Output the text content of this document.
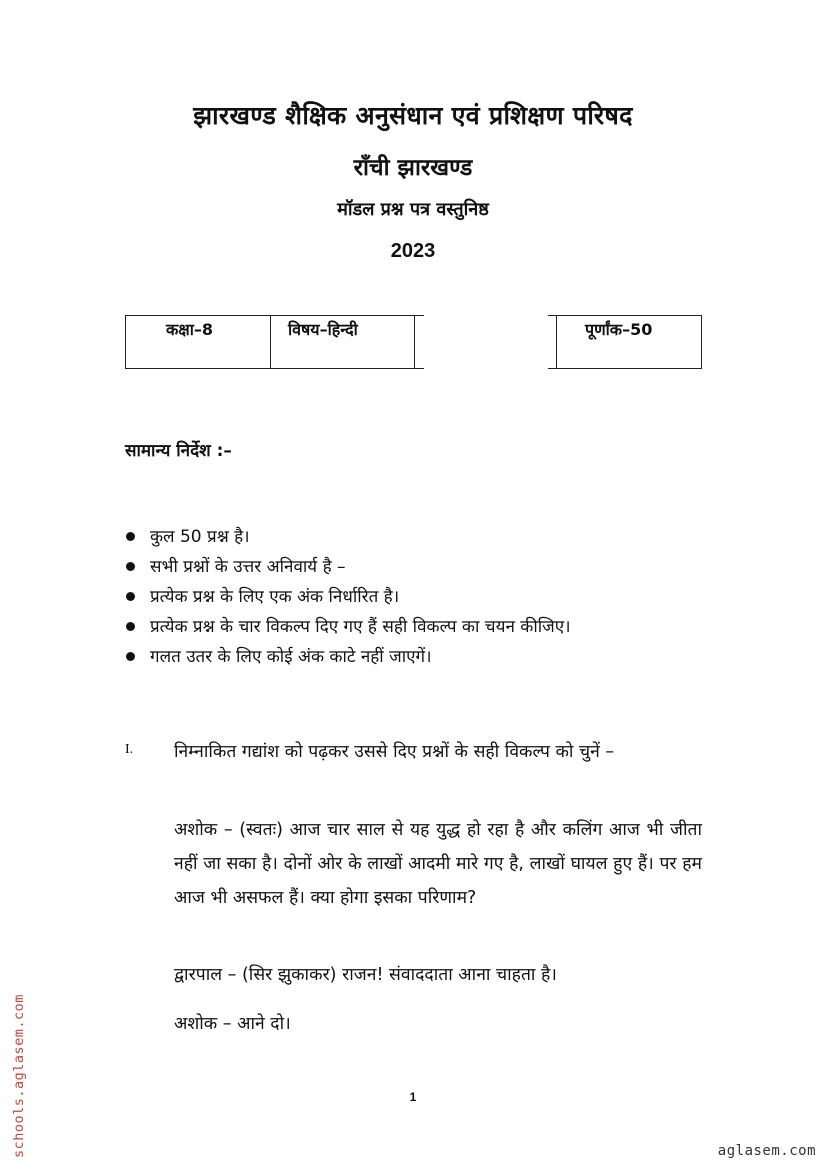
झारखण्ड शैक्षिक अनुसंधान एवं प्रशिक्षण परिषद
राँची झारखण्ड
मॉडल प्रश्न पत्र वस्तुनिष्ठ
2023
कक्षा–8	विषय–हिन्दी	पूर्णांक–50
सामान्य निर्देश :–
कुल 50 प्रश्न है।
सभी प्रश्नों के उत्तर अनिवार्य है –
प्रत्येक प्रश्न के लिए एक अंक निर्धारित है।
प्रत्येक प्रश्न के चार विकल्प दिए गए हैं सही विकल्प का चयन कीजिए।
गलत उतर के लिए कोई अंक काटे नहीं जाएगें।
I. निम्नाकित गद्यांश को पढ़कर उससे दिए प्रश्नों के सही विकल्प को चुनें –
अशोक – (स्वतः) आज चार साल से यह युद्ध हो रहा है और कलिंग आज भी जीता नहीं जा सका है। दोनों ओर के लाखों आदमी मारे गए है, लाखों घायल हुए हैं। पर हम आज भी असफल हैं। क्या होगा इसका परिणाम?
द्वारपाल – (सिर झुकाकर) राजन! संवाददाता आना चाहता है।
अशोक – आने दो।
1
schools.aglasem.com	aglasem.com
